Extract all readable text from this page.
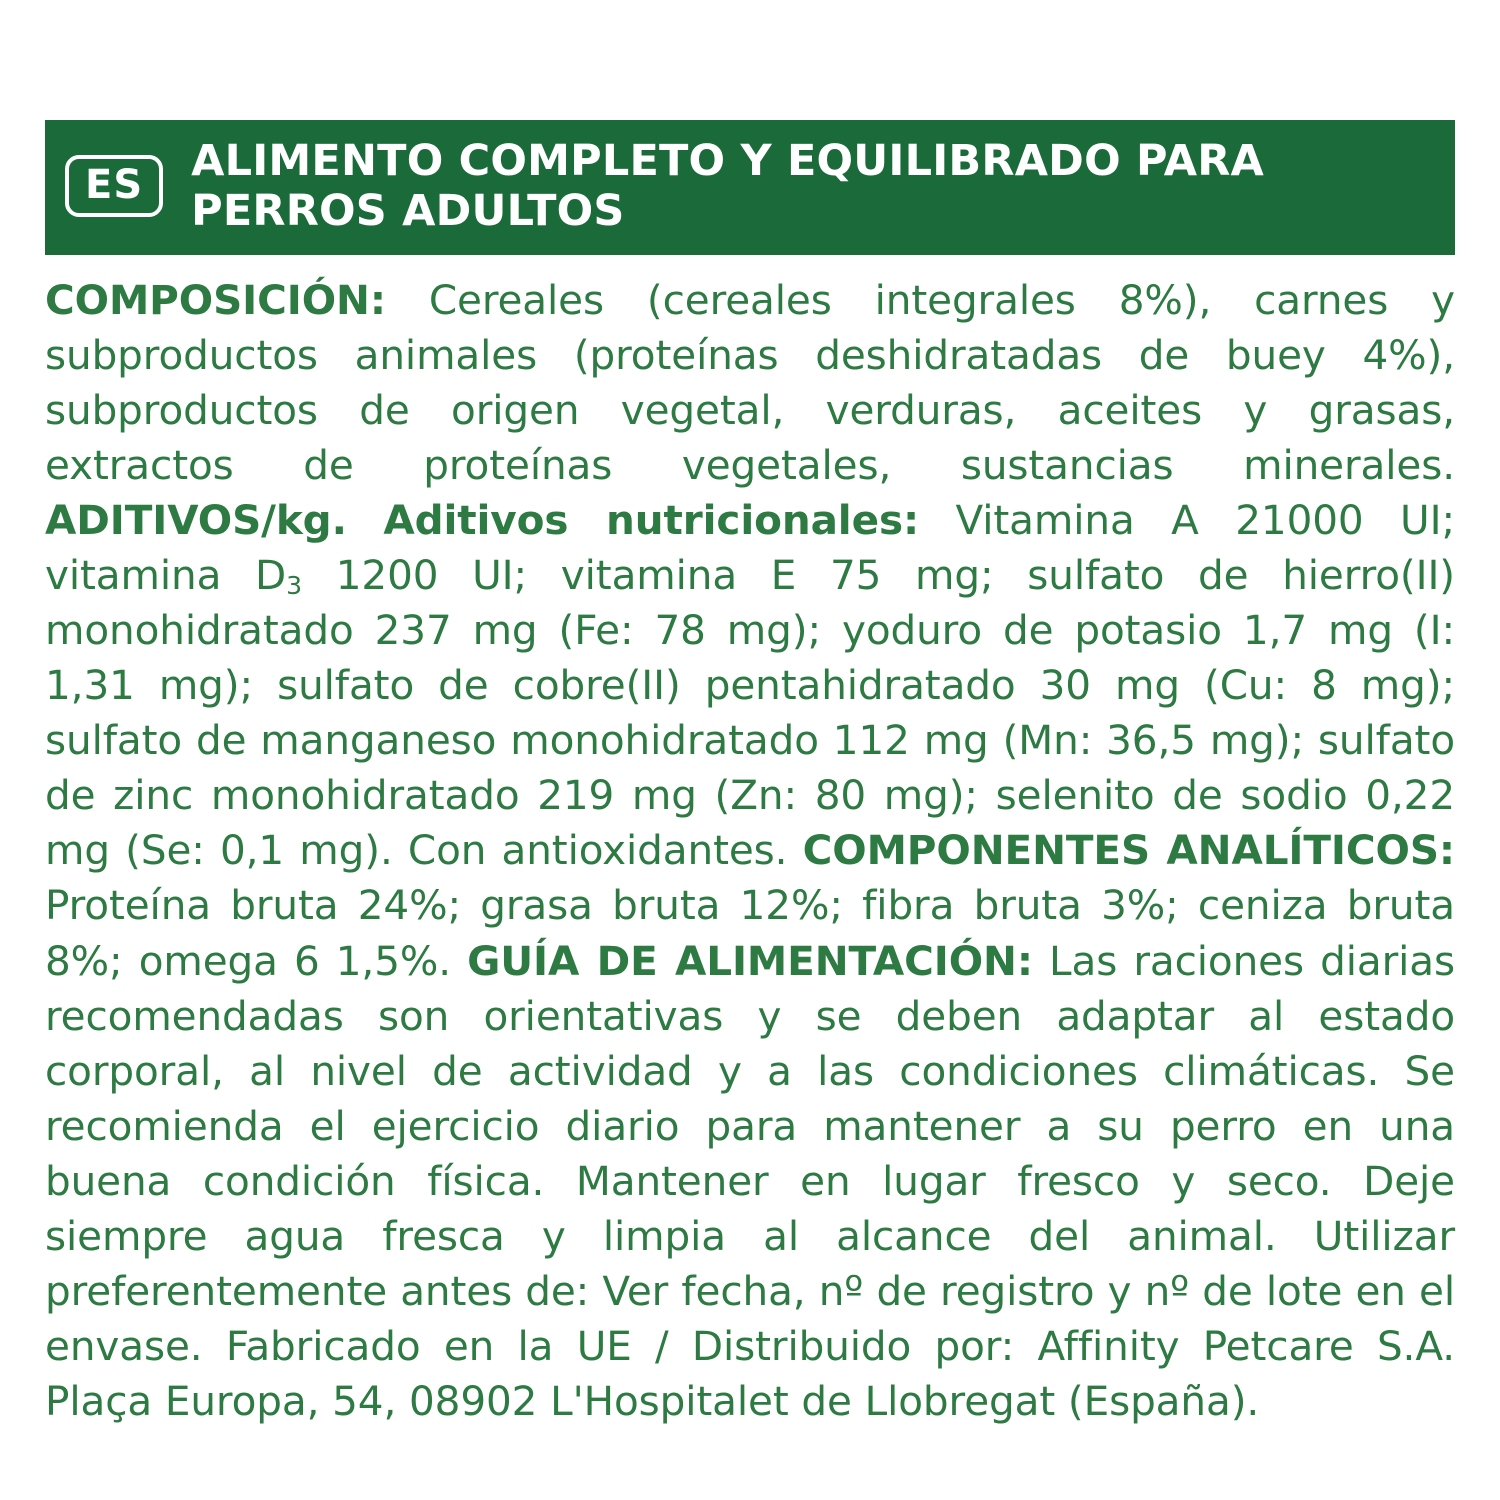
ES	ALIMENTO COMPLETO Y EQUILIBRADO PARA PERROS ADULTOS

COMPOSICIÓN: Cereales (cereales integrales 8%), carnes y subproductos animales (proteínas deshidratadas de buey 4%), subproductos de origen vegetal, verduras, aceites y grasas, extractos de proteínas vegetales, sustancias minerales. ADITIVOS/kg. Aditivos nutricionales: Vitamina A 21000 UI; vitamina $D_3$ 1200 UI; vitamina E 75 mg; sulfato de hierro(II) monohidratado 237 mg (Fe: 78 mg); yoduro de potasio 1,7 mg (I: 1,31 mg); sulfato de cobre(II) pentahidratado 30 mg (Cu: 8 mg); sulfato de manganeso monohidratado 112 mg (Mn: 36,5 mg); sulfato de zinc monohidratado 219 mg (Zn: 80 mg); selenito de sodio 0,22 mg (Se: 0,1 mg). Con antioxidantes. COMPONENTES ANALÍTICOS: Proteína bruta 24%; grasa bruta 12%; fibra bruta 3%; ceniza bruta 8%; omega 6 1,5%. GUÍA DE ALIMENTACIÓN: Las raciones diarias recomendadas son orientativas y se deben adaptar al estado corporal, al nivel de actividad y a las condiciones climáticas. Se recomienda el ejercicio diario para mantener a su perro en una buena condición física. Mantener en lugar fresco y seco. Deje siempre agua fresca y limpia al alcance del animal. Utilizar preferentemente antes de: Ver fecha, nº de registro y nº de lote en el envase. Fabricado en la UE / Distribuido por: Affinity Petcare S.A. Plaça Europa, 54, 08902 L'Hospitalet de Llobregat (España).
